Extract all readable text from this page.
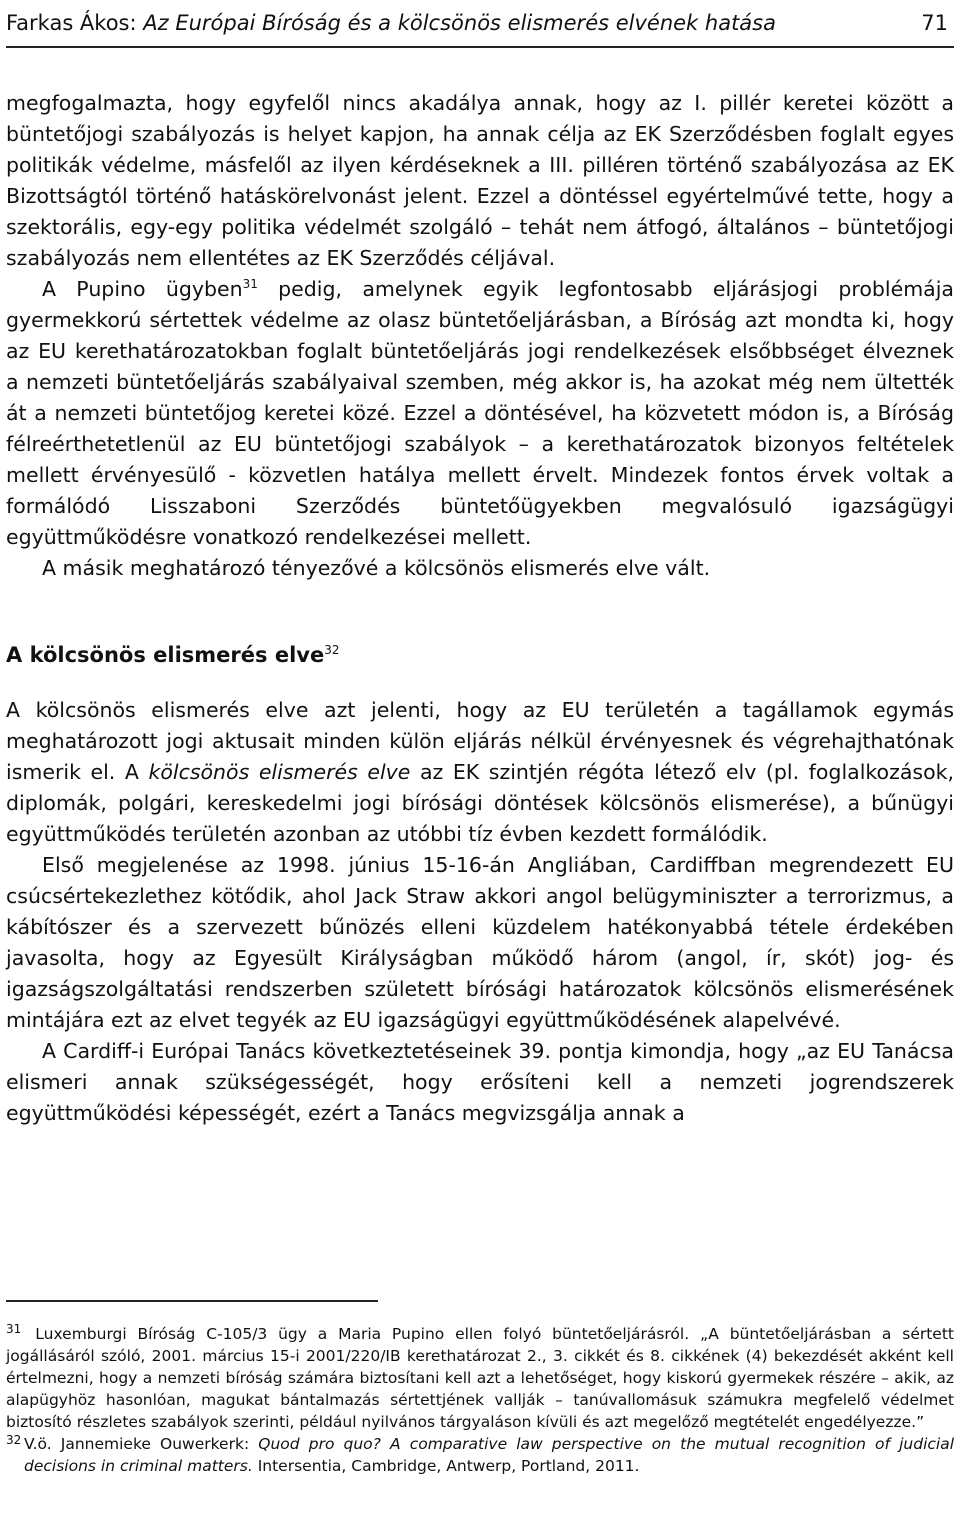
Farkas Ákos: Az Európai Bíróság és a kölcsönös elismerés elvének hatása	71

megfogalmazta, hogy egyfelől nincs akadálya annak, hogy az I. pillér keretei között a büntetőjogi szabályozás is helyet kapjon, ha annak célja az EK Szerződésben foglalt egyes politikák védelme, másfelől az ilyen kérdéseknek a III. pilléren történő szabályozása az EK Bizottságtól történő hatáskörelvonást jelent. Ezzel a döntéssel egyértelművé tette, hogy a szektorális, egy-egy politika védelmét szolgáló – tehát nem átfogó, általános – büntetőjogi szabályozás nem ellentétes az EK Szerződés céljával.

A Pupino ügyben$^{31}$ pedig, amelynek egyik legfontosabb eljárásjogi problémája gyermekkorú sértettek védelme az olasz büntetőeljárásban, a Bíróság azt mondta ki, hogy az EU kerethatározatokban foglalt büntetőeljárás jogi rendelkezések elsőbbséget élveznek a nemzeti büntetőeljárás szabályaival szemben, még akkor is, ha azokat még nem ültették át a nemzeti büntetőjog keretei közé. Ezzel a döntésével, ha közvetett módon is, a Bíróság félreérthetetlenül az EU büntetőjogi szabályok – a kerethatározatok bizonyos feltételek mellett érvényesülő - közvetlen hatálya mellett érvelt. Mindezek fontos érvek voltak a formálódó Lisszaboni Szerződés büntetőügyekben megvalósuló igazságügyi együttműködésre vonatkozó rendelkezései mellett.

A másik meghatározó tényezővé a kölcsönös elismerés elve vált.

A kölcsönös elismerés elve$^{32}$

A kölcsönös elismerés elve azt jelenti, hogy az EU területén a tagállamok egymás meghatározott jogi aktusait minden külön eljárás nélkül érvényesnek és végrehajthatónak ismerik el. A kölcsönös elismerés elve az EK szintjén régóta létező elv (pl. foglalkozások, diplomák, polgári, kereskedelmi jogi bírósági döntések kölcsönös elismerése), a bűnügyi együttműködés területén azonban az utóbbi tíz évben kezdett formálódik.

Első megjelenése az 1998. június 15-16-án Angliában, Cardiffban megrendezett EU csúcsértekezlethez kötődik, ahol Jack Straw akkori angol belügyminiszter a terrorizmus, a kábítószer és a szervezett bűnözés elleni küzdelem hatékonyabbá tétele érdekében javasolta, hogy az Egyesült Királyságban működő három (angol, ír, skót) jog- és igazságszolgáltatási rendszerben született bírósági határozatok kölcsönös elismerésének mintájára ezt az elvet tegyék az EU igazságügyi együttműködésének alapelvévé.

A Cardiff-i Európai Tanács következtetéseinek 39. pontja kimondja, hogy „az EU Tanácsa elismeri annak szükségességét, hogy erősíteni kell a nemzeti jogrendszerek együttműködési képességét, ezért a Tanács megvizsgálja annak a

$^{31}$ Luxemburgi Bíróság C-105/3 ügy a Maria Pupino ellen folyó büntetőeljárásról. „A büntetőeljárásban a sértett jogállásáról szóló, 2001. március 15-i 2001/220/IB kerethatározat 2., 3. cikkét és 8. cikkének (4) bekezdését akként kell értelmezni, hogy a nemzeti bíróság számára biztosítani kell azt a lehetőséget, hogy kiskorú gyermekek részére – akik, az alapügyhöz hasonlóan, magukat bántalmazás sértettjének vallják – tanúvallomásuk számukra megfelelő védelmet biztosító részletes szabályok szerinti, például nyilvános tárgyaláson kívüli és azt megelőző megtételét engedélyezze.”

32 V.ö. Jannemieke Ouwerkerk: Quod pro quo? A comparative law perspective on the mutual recognition of judicial decisions in criminal matters. Intersentia, Cambridge, Antwerp, Portland, 2011.
